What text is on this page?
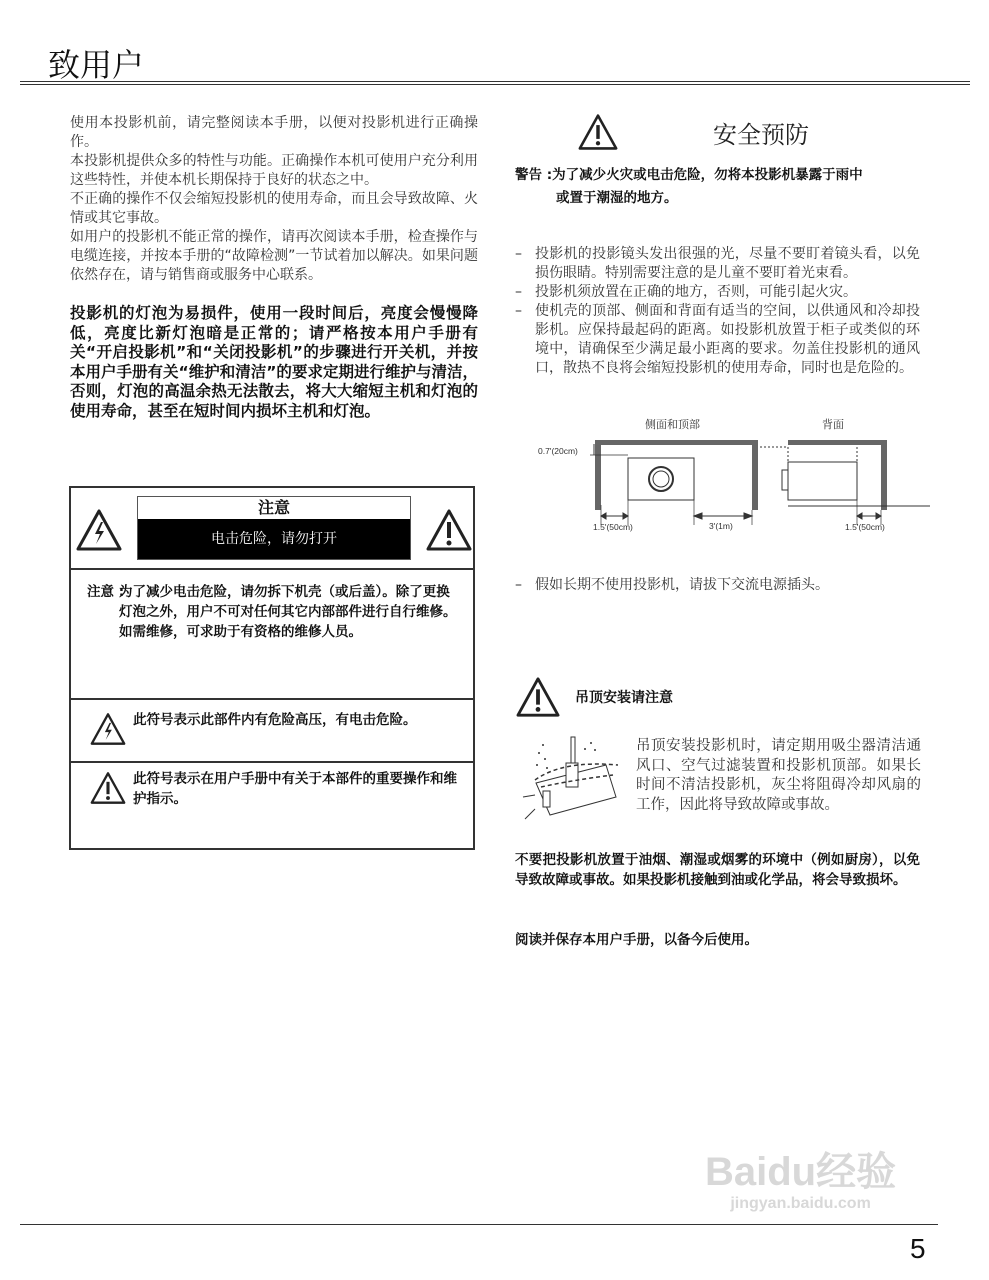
致用户

使用本投影机前，请完整阅读本手册，以便对投影机进行正确操作。

本投影机提供众多的特性与功能。正确操作本机可使用户充分利用这些特性，并使本机长期保持于良好的状态之中。

不正确的操作不仅会缩短投影机的使用寿命，而且会导致故障、火情或其它事故。

如用户的投影机不能正常的操作，请再次阅读本手册，检查操作与电缆连接，并按本手册的“故障检测”一节试着加以解决。如果问题依然存在，请与销售商或服务中心联系。

投影机的灯泡为易损件，使用一段时间后，亮度会慢慢降低，亮度比新灯泡暗是正常的；请严格按本用户手册有关“开启投影机”和“关闭投影机”的步骤进行开关机，并按本用户手册有关“维护和清洁”的要求定期进行维护与清洁，否则，灯泡的高温余热无法散去，将大大缩短主机和灯泡的使用寿命，甚至在短时间内损坏主机和灯泡。

注意
电击危险，请勿打开
注意 :
为了减少电击危险，请勿拆下机壳（或后盖）。除了更换灯泡之外，用户不可对任何其它内部部件进行自行维修。如需维修，可求助于有资格的维修人员。
此符号表示此部件内有危险高压，有电击危险。
此符号表示在用户手册中有关于本部件的重要操作和维护指示。
安全预防
警告 :为了减少火灾或电击危险，勿将本投影机暴露于雨中
或置于潮湿的地方。
– 投影机的投影镜头发出很强的光，尽量不要盯着镜头看，以免损伤眼睛。特别需要注意的是儿童不要盯着光束看。
– 投影机须放置在正确的地方，否则，可能引起火灾。
– 使机壳的顶部、侧面和背面有适当的空间，以供通风和冷却投影机。应保持最起码的距离。如投影机放置于柜子或类似的环境中，请确保至少满足最小距离的要求。勿盖住投影机的通风口，散热不良将会缩短投影机的使用寿命，同时也是危险的。
侧面和顶部	背面
0.7'(20cm)
1.5'(50cm)	3'(1m)	1.5'(50cm)
– 假如长期不使用投影机，请拔下交流电源插头。
吊顶安装请注意
吊顶安装投影机时，请定期用吸尘器清洁通风口、空气过滤装置和投影机顶部。如果长时间不清洁投影机，灰尘将阻碍冷却风扇的工作，因此将导致故障或事故。
不要把投影机放置于油烟、潮湿或烟雾的环境中（例如厨房），以免导致故障或事故。如果投影机接触到油或化学品，将会导致损坏。
阅读并保存本用户手册，以备今后使用。
Baidu经验
jingyan.baidu.com
5
